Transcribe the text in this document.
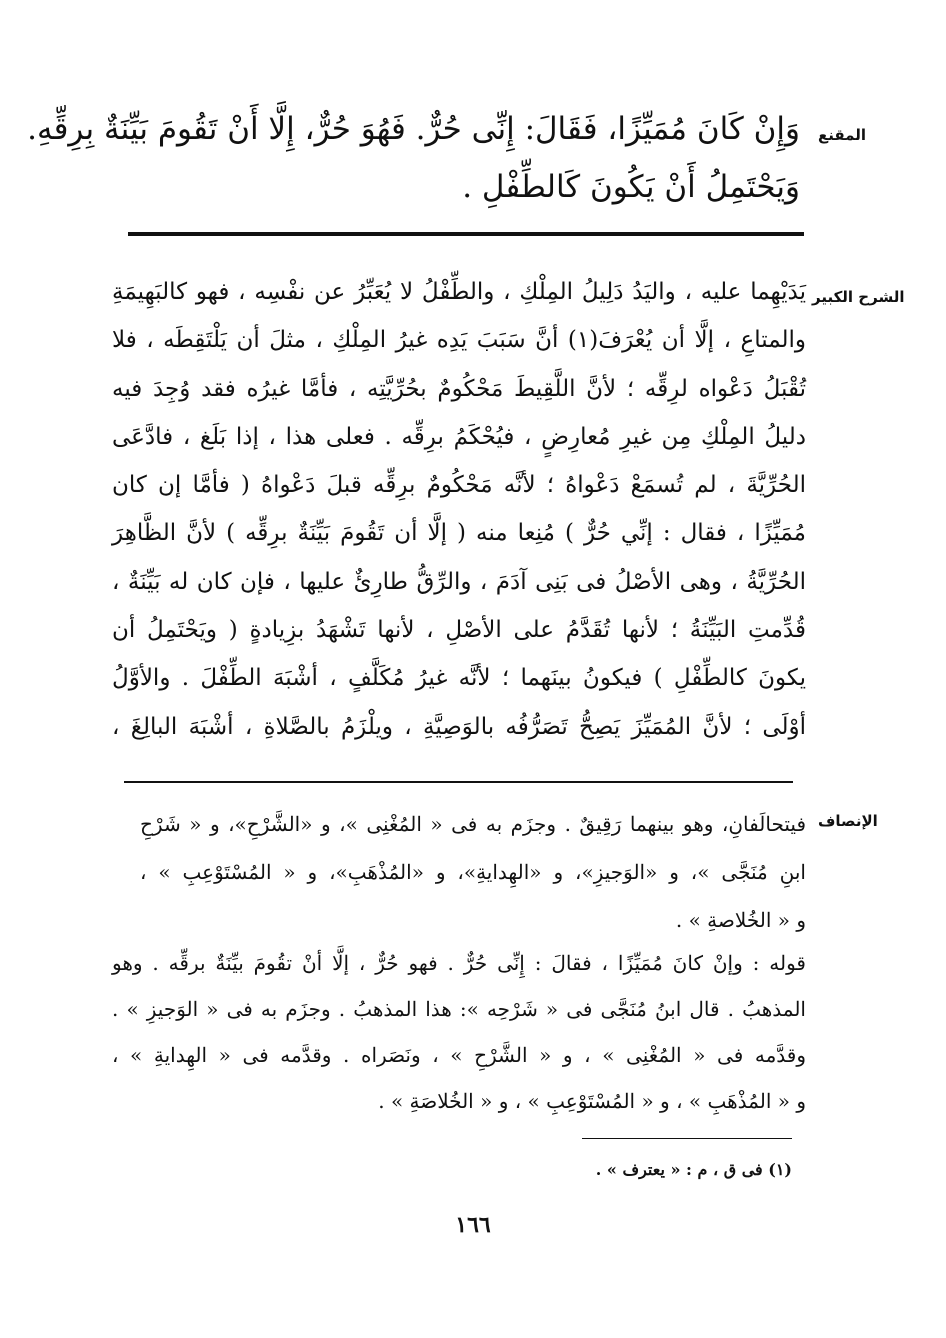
المقنع
وَإِنْ كَانَ مُمَيِّزًا، فَقَالَ: إِنِّى حُرٌّ. فَهُوَ حُرٌّ، إِلَّا أَنْ تَقُومَ بَيِّنَةٌ بِرِقِّهِ.
وَيَحْتَمِلُ أَنْ يَكُونَ كَالطِّفْلِ .
الشرح الكبير
يَدَيْهِما عليه ، واليَدُ دَلِيلُ المِلْكِ ، والطِّفْلُ لا يُعَبِّرُ عن نفْسِه ، فهو كالبَهِيمَةِ
والمتاعِ ، إلَّا أن يُعْرَفَ(١) أنَّ سَبَبَ يَدِه غيرُ المِلْكِ ، مثلَ أن يَلْتَقِطَه ، فلا
تُقْبَلُ دَعْواه لرِقِّه ؛ لأنَّ اللَّقِيطَ مَحْكُومٌ بحُرِّيَّتِه ، فأمَّا غيرُه فقد وُجِدَ فيه
دليلُ المِلْكِ مِن غيرِ مُعارِضٍ ، فيُحْكَمُ برِقِّه . فعلى هذا ، إذا بَلَغ ، فادَّعَى
الحُرِّيَّةَ ، لم تُسمَعْ دَعْواهُ ؛ لأنَّه مَحْكُومٌ برِقِّه قبلَ دَعْواهُ ( فأمَّا إن كان
مُمَيِّزًا ، فقال : إنِّي حُرٌّ ) مُنِعا منه ( إلَّا أن تَقُومَ بَيِّنَةٌ برِقِّه ) لأنَّ الظَّاهِرَ
الحُرِّيَّةُ ، وهى الأصْلُ فى بَنِى آدَمَ ، والرِّقُّ طارِئٌ عليها ، فإن كان له بَيِّنَةٌ ،
قُدِّمتِ البَيِّنَةُ ؛ لأنها تُقَدَّمُ على الأصْلِ ، لأنها تَشْهَدُ بزِيادةٍ ( ويَحْتَمِلُ أن
يكونَ كالطِّفْلِ ) فيكونُ بينَهما ؛ لأنَّه غيرُ مُكَلَّفٍ ، أشْبَهَ الطِّفْلَ . والأوَّلُ
أوْلَى ؛ لأنَّ المُمَيِّزَ يَصِحُّ تَصَرُّفُه بالوَصِيَّةِ ، ويلْزَمُ بالصَّلاةِ ، أشْبَهَ البالِغَ ،
الإنصاف
فيتحالَفانِ، وهو بينهما رَقِيقٌ . وجزَم به فى « المُغْنِى »، و «الشَّرْحِ»، و « شَرْحِ
ابنِ مُنَجَّى »، و «الوَجيزِ»، و «الهِدايةِ»، و «المُذْهَبِ»، و « المُسْتَوْعِبِ » ،
و « الخُلاصةِ » .
قوله : وإنْ كانَ مُمَيِّزًا ، فقالَ : إِنِّى حُرٌّ . فهو حُرٌّ ، إلَّا أنْ تقُومَ بيِّنَةٌ برقِّه . وهو
المذهبُ . قال ابنُ مُنَجَّى فى « شَرْحِه »: هذا المذهبُ . وجزَم به فى « الوَجيزِ » .
وقدَّمه فى « المُغْنِى » ، و « الشَّرْحِ » ، ونَصَراه . وقدَّمه فى « الهِدايةِ » ،
و « المُذْهَبِ » ، و « المُسْتَوْعِبِ » ، و « الخُلاصَةِ » .
(١) فى ق ، م : « يعترف » .
١٦٦
